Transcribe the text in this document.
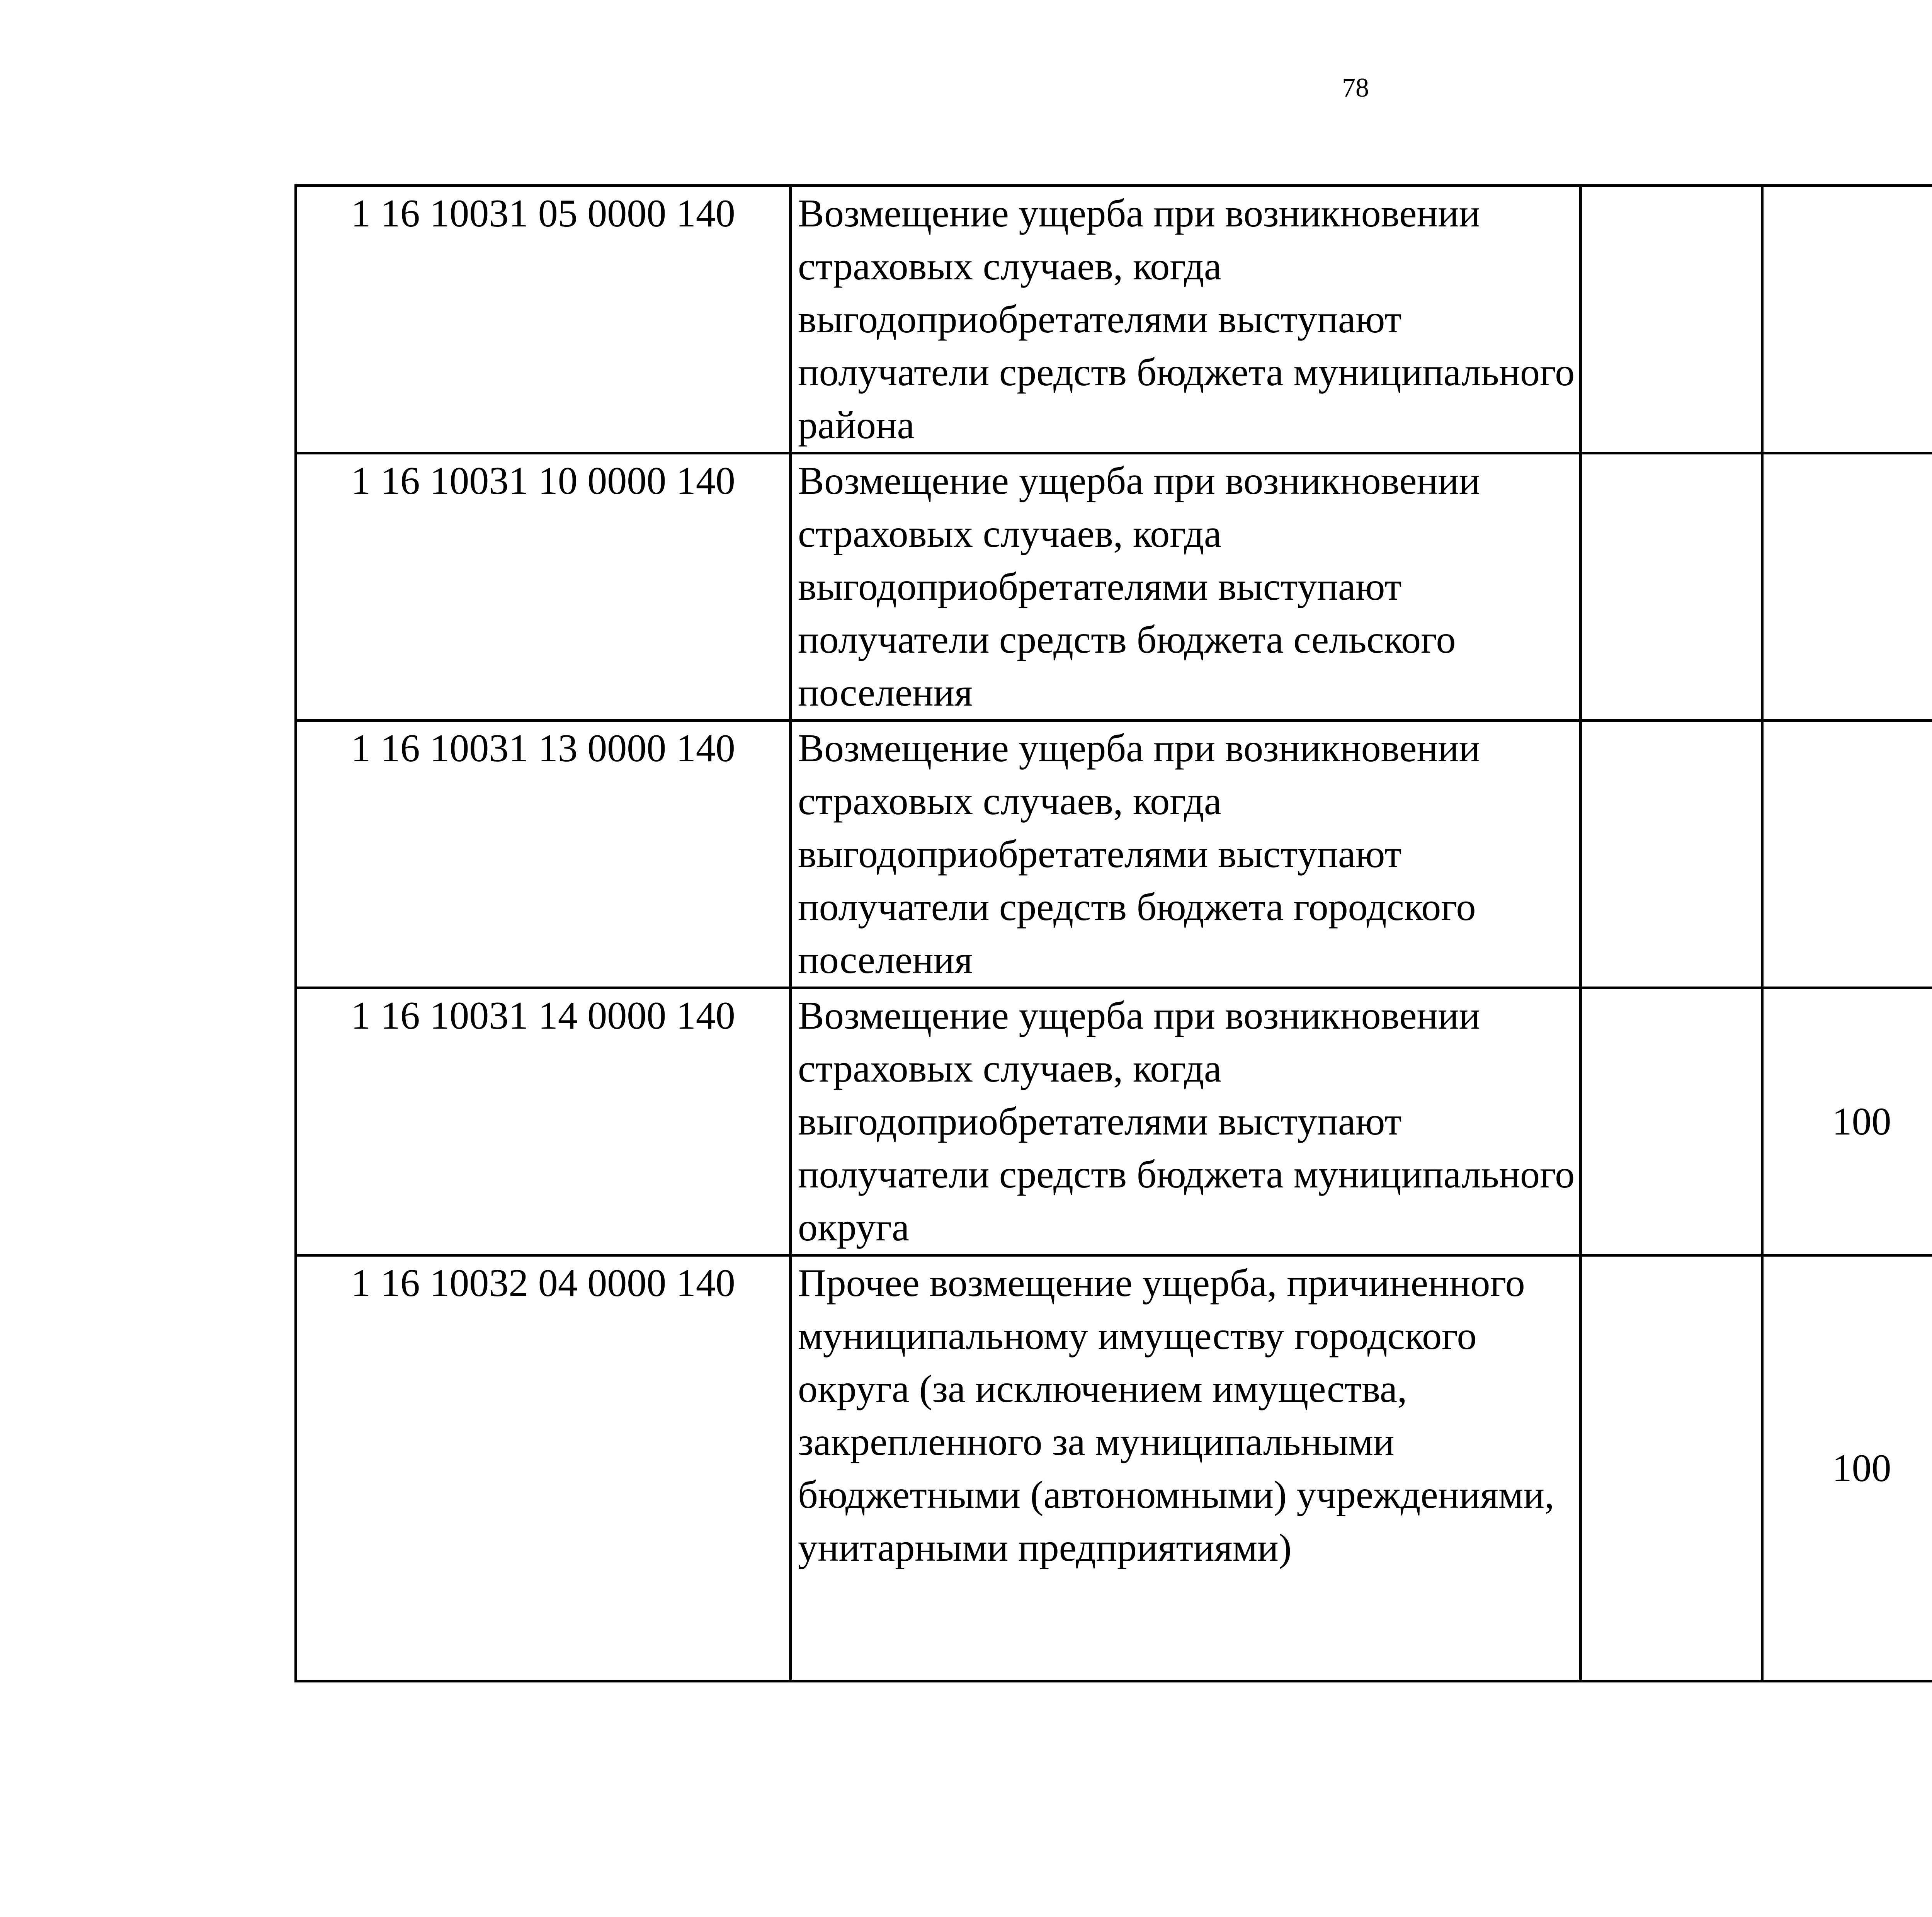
78
1 16 10031 05 0000 140	Возмещение ущерба при возникновении страховых случаев, когда выгодоприобретателями выступают получатели средств бюджета муниципального района					
1 16 10031 10 0000 140	Возмещение ущерба при возникновении страховых случаев, когда выгодоприобретателями выступают получатели средств бюджета сельского поселения					
1 16 10031 13 0000 140	Возмещение ущерба при возникновении страховых случаев, когда выгодоприобретателями выступают получатели средств бюджета городского поселения					
1 16 10031 14 0000 140	Возмещение ущерба при возникновении страховых случаев, когда выгодоприобретателями выступают получатели средств бюджета муниципального округа		100			
1 16 10032 04 0000 140	Прочее возмещение ущерба, причиненного муниципальному имуществу городского округа (за исключением имущества, закрепленного за муниципальными бюджетными (автономными) учреждениями, унитарными предприятиями)		100			
